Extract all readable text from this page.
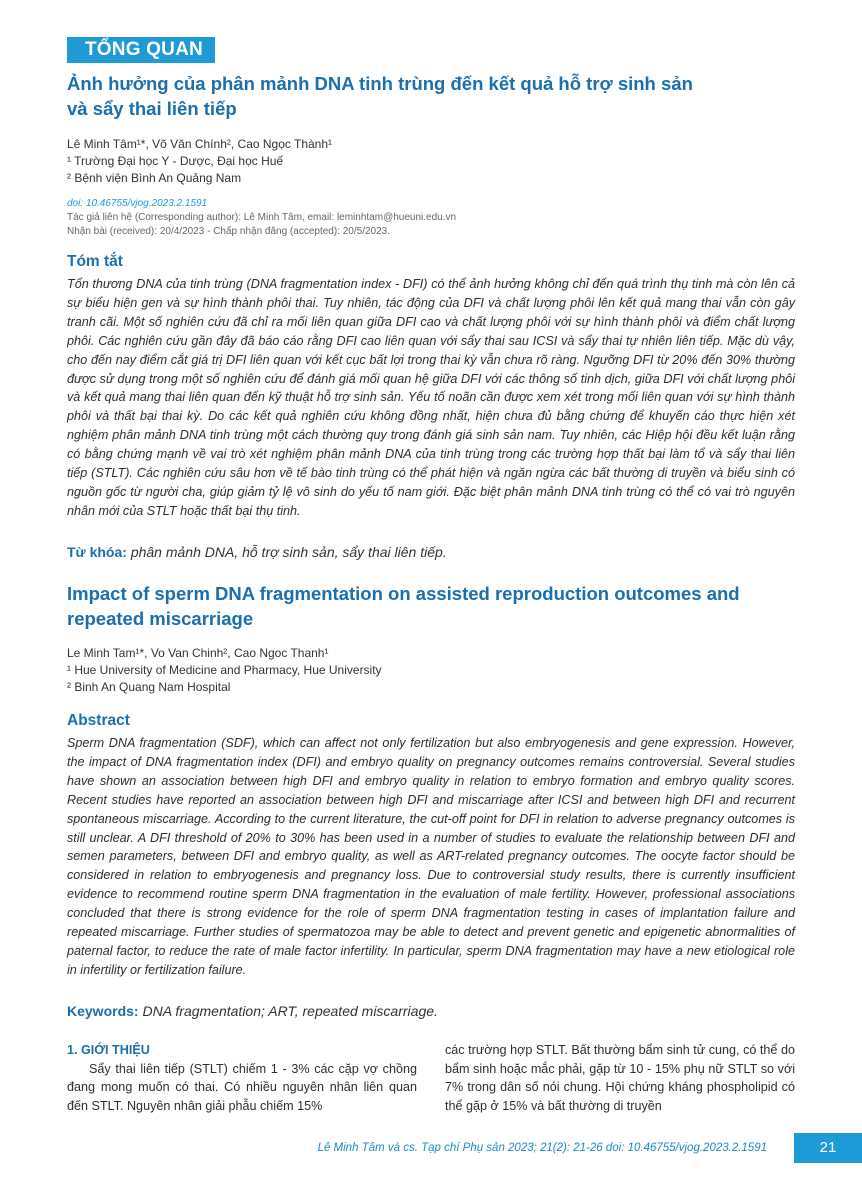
TỔNG QUAN
Ảnh hưởng của phân mảnh DNA tinh trùng đến kết quả hỗ trợ sinh sản
và sẩy thai liên tiếp

Lê Minh Tâm¹*, Võ Văn Chính², Cao Ngọc Thành¹

¹ Trường Đại học Y - Dược, Đại học Huế

² Bệnh viện Bình An Quảng Nam

doi: 10.46755/vjog.2023.2.1591

Tác giả liên hệ (Corresponding author): Lê Minh Tâm, email: leminhtam@hueuni.edu.vn

Nhận bài (received): 20/4/2023 - Chấp nhận đăng (accepted): 20/5/2023.

Tóm tắt

Tổn thương DNA của tinh trùng (DNA fragmentation index - DFI) có thể ảnh hưởng không chỉ đến quá trình thụ tinh mà còn lên cả sự biểu hiện gen và sự hình thành phôi thai. Tuy nhiên, tác động của DFI và chất lượng phôi lên kết quả mang thai vẫn còn gây tranh cãi. Một số nghiên cứu đã chỉ ra mối liên quan giữa DFI cao và chất lượng phôi với sự hình thành phôi và điểm chất lượng phôi. Các nghiên cứu gần đây đã báo cáo rằng DFI cao liên quan với sẩy thai sau ICSI và sẩy thai tự nhiên liên tiếp. Mặc dù vậy, cho đến nay điểm cắt giá trị DFI liên quan với kết cục bất lợi trong thai kỳ vẫn chưa rõ ràng. Ngưỡng DFI từ 20% đến 30% thường được sử dụng trong một số nghiên cứu để đánh giá mối quan hệ giữa DFI với các thông số tinh dịch, giữa DFI với chất lượng phôi và kết quả mang thai liên quan đến kỹ thuật hỗ trợ sinh sản. Yếu tố noãn cần được xem xét trong mối liên quan với sự hình thành phôi và thất bại thai kỳ. Do các kết quả nghiên cứu không đồng nhất, hiện chưa đủ bằng chứng để khuyến cáo thực hiện xét nghiệm phân mảnh DNA tinh trùng một cách thường quy trong đánh giá sinh sản nam. Tuy nhiên, các Hiệp hội đều kết luận rằng có bằng chứng mạnh về vai trò xét nghiệm phân mảnh DNA của tinh trùng trong các trường hợp thất bại làm tổ và sẩy thai liên tiếp (STLT). Các nghiên cứu sâu hơn về tế bào tinh trùng có thể phát hiện và ngăn ngừa các bất thường di truyền và biểu sinh có nguồn gốc từ người cha, giúp giảm tỷ lệ vô sinh do yếu tố nam giới. Đặc biệt phân mảnh DNA tinh trùng có thể có vai trò nguyên nhân mới của STLT hoặc thất bại thụ tinh.

Từ khóa: phân mảnh DNA, hỗ trợ sinh sản, sẩy thai liên tiếp.

Impact of sperm DNA fragmentation on assisted reproduction outcomes and
repeated miscarriage

Le Minh Tam¹*, Vo Van Chinh², Cao Ngoc Thanh¹

¹ Hue University of Medicine and Pharmacy, Hue University

² Binh An Quang Nam Hospital

Abstract

Sperm DNA fragmentation (SDF), which can affect not only fertilization but also embryogenesis and gene expression. However, the impact of DNA fragmentation index (DFI) and embryo quality on pregnancy outcomes remains controversial. Several studies have shown an association between high DFI and embryo quality in relation to embryo formation and embryo quality scores. Recent studies have reported an association between high DFI and miscarriage after ICSI and between high DFI and recurrent spontaneous miscarriage. According to the current literature, the cut-off point for DFI in relation to adverse pregnancy outcomes is still unclear. A DFI threshold of 20% to 30% has been used in a number of studies to evaluate the relationship between DFI and semen parameters, between DFI and embryo quality, as well as ART-related pregnancy outcomes. The oocyte factor should be considered in relation to embryogenesis and pregnancy loss. Due to controversial study results, there is currently insufficient evidence to recommend routine sperm DNA fragmentation in the evaluation of male fertility. However, professional associations concluded that there is strong evidence for the role of sperm DNA fragmentation testing in cases of implantation failure and repeated miscarriage. Further studies of spermatozoa may be able to detect and prevent genetic and epigenetic abnormalities of paternal factor, to reduce the rate of male factor infertility. In particular, sperm DNA fragmentation may have a new etiological role in infertility or fertilization failure.

Keywords: DNA fragmentation; ART, repeated miscarriage.

1. GIỚI THIỆU

Sẩy thai liên tiếp (STLT) chiếm 1 - 3% các cặp vợ chồng đang mong muốn có thai. Có nhiều nguyên nhân liên quan đến STLT. Nguyên nhân giải phẫu chiếm 15%

các trường hợp STLT. Bất thường bẩm sinh tử cung, có thể do bẩm sinh hoặc mắc phải, gặp từ 10 - 15% phụ nữ STLT so với 7% trong dân số nói chung. Hội chứng kháng phospholipid có thể gặp ở 15% và bất thường di truyền

Lê Minh Tâm và cs. Tạp chí Phụ sản 2023; 21(2): 21-26 doi: 10.46755/vjog.2023.2.1591	21
